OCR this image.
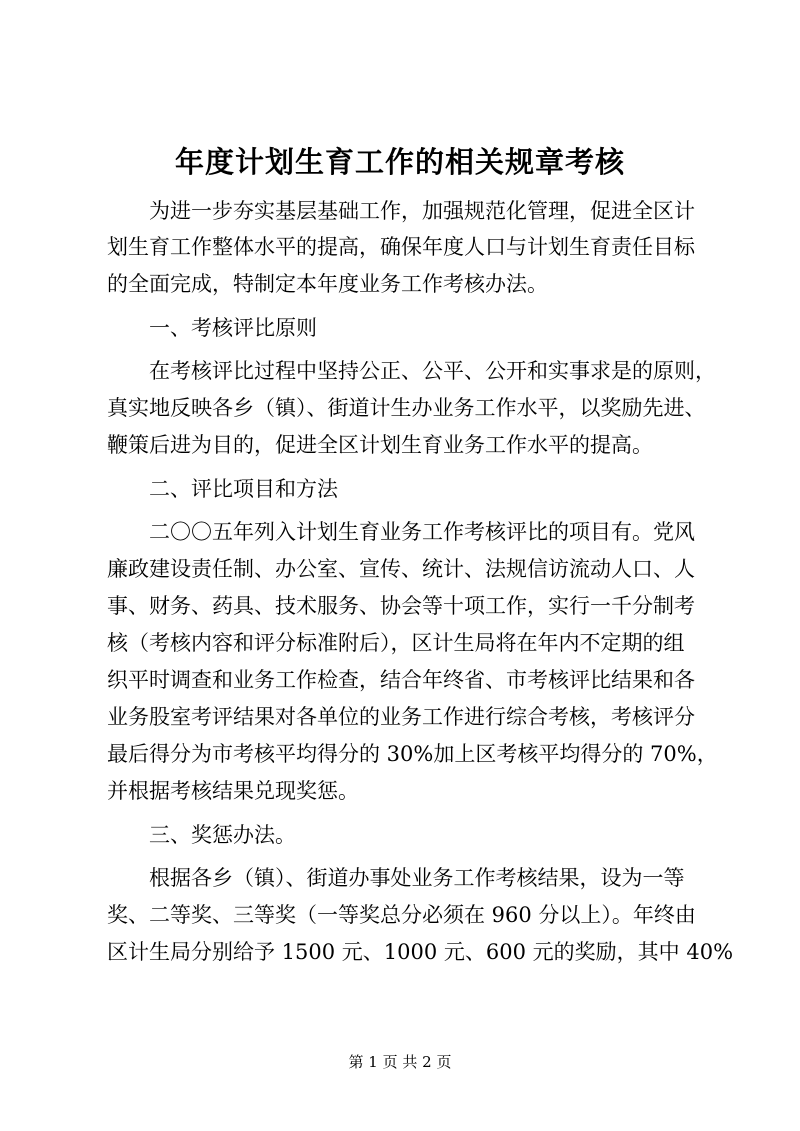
年度计划生育工作的相关规章考核
　　为进一步夯实基层基础工作，加强规范化管理，促进全区计
划生育工作整体水平的提高，确保年度人口与计划生育责任目标
的全面完成，特制定本年度业务工作考核办法。
　　一、考核评比原则
　　在考核评比过程中坚持公正、公平、公开和实事求是的原则，
真实地反映各乡（镇）、街道计生办业务工作水平，以奖励先进、
鞭策后进为目的，促进全区计划生育业务工作水平的提高。
　　二、评比项目和方法
　　二〇〇五年列入计划生育业务工作考核评比的项目有。党风
廉政建设责任制、办公室、宣传、统计、法规信访流动人口、人
事、财务、药具、技术服务、协会等十项工作，实行一千分制考
核（考核内容和评分标准附后），区计生局将在年内不定期的组
织平时调查和业务工作检查，结合年终省、市考核评比结果和各
业务股室考评结果对各单位的业务工作进行综合考核，考核评分
最后得分为市考核平均得分的 30%加上区考核平均得分的 70%，
并根据考核结果兑现奖惩。
　　三、奖惩办法。
　　根据各乡（镇）、街道办事处业务工作考核结果，设为一等
奖、二等奖、三等奖（一等奖总分必须在 960 分以上）。年终由
区计生局分别给予 1500 元、1000 元、600 元的奖励，其中 40%
第 1 页 共 2 页
